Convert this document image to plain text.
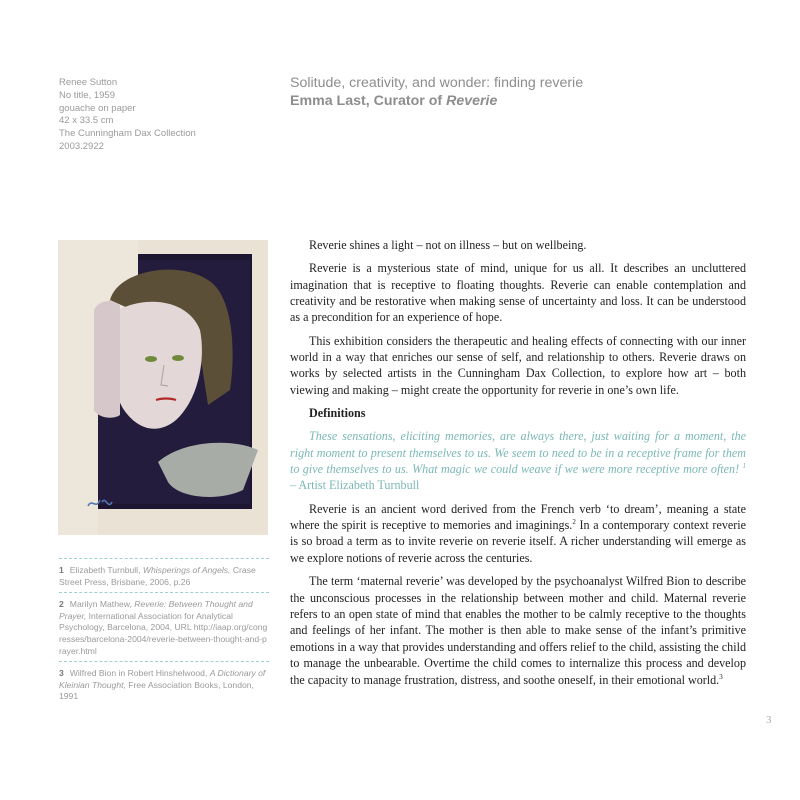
Renee Sutton
No title, 1959
gouache on paper
42 x 33.5 cm
The Cunningham Dax Collection
2003.2922
Solitude, creativity, and wonder: finding reverie
Emma Last, Curator of Reverie
1 Elizabeth Turnbull, Whisperings of Angels, Crase Street Press, Brisbane, 2006, p.26
2 Marilyn Mathew, Reverie: Between Thought and Prayer, International Association for Analytical Psychology, Barcelona, 2004, URL http://iaap.org/congresses/barcelona-2004/reverie-between-thought-and-prayer.html
3 Wilfred Bion in Robert Hinshelwood, A Dictionary of Kleinian Thought, Free Association Books, London, 1991

Reverie shines a light – not on illness – but on wellbeing.

Reverie is a mysterious state of mind, unique for us all. It describes an uncluttered imagination that is receptive to floating thoughts. Reverie can enable contemplation and creativity and be restorative when making sense of uncertainty and loss. It can be understood as a precondition for an experience of hope.

This exhibition considers the therapeutic and healing effects of connecting with our inner world in a way that enriches our sense of self, and relationship to others. Reverie draws on works by selected artists in the Cunningham Dax Collection, to explore how art – both viewing and making – might create the opportunity for reverie in one’s own life.

Definitions

These sensations, eliciting memories, are always there, just waiting for a moment, the right moment to present themselves to us. We seem to need to be in a receptive frame for them to give themselves to us. What magic we could weave if we were more receptive more often! $^1$ – Artist Elizabeth Turnbull

Reverie is an ancient word derived from the French verb ‘to dream’, meaning a state where the spirit is receptive to memories and imaginings.$^2$ In a contemporary context reverie is so broad a term as to invite reverie on reverie itself. A richer understanding will emerge as we explore notions of reverie across the centuries.

The term ‘maternal reverie’ was developed by the psychoanalyst Wilfred Bion to describe the unconscious processes in the relationship between mother and child. Maternal reverie refers to an open state of mind that enables the mother to be calmly receptive to the thoughts and feelings of her infant. The mother is then able to make sense of the infant’s primitive emotions in a way that provides understanding and offers relief to the child, assisting the child to manage the unbearable. Overtime the child comes to internalize this process and develop the capacity to manage frustration, distress, and soothe oneself, in their emotional world.$^3$

3
